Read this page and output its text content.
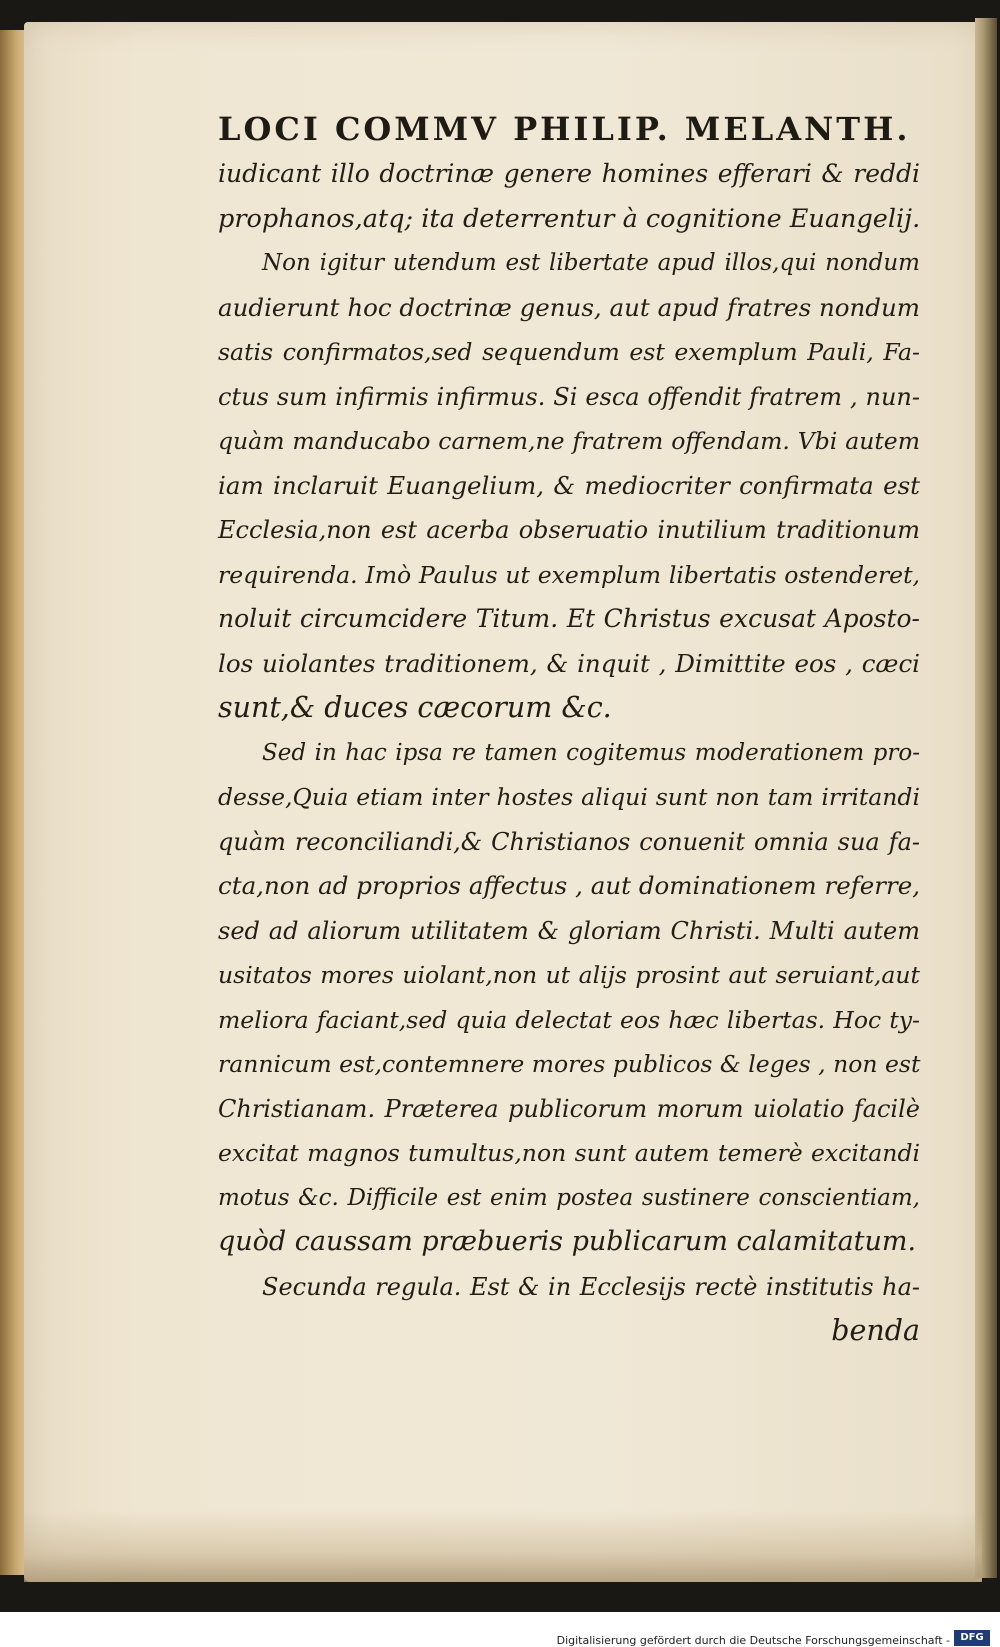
LOCI COMMV PHILIP. MELANTH.
iudicant illo doctrinæ genere homines efferari & reddi
prophanos,atq; ita deterrentur à cognitione Euangelij.
Non igitur utendum est libertate apud illos,qui nondum
audierunt hoc doctrinæ genus, aut apud fratres nondum
satis confirmatos,sed sequendum est exemplum Pauli, Fa-
ctus sum infirmis infirmus. Si esca offendit fratrem , nun-
quàm manducabo carnem,ne fratrem offendam. Vbi autem
iam inclaruit Euangelium, & mediocriter confirmata est
Ecclesia,non est acerba obseruatio inutilium traditionum
requirenda. Imò Paulus ut exemplum libertatis ostenderet,
noluit circumcidere Titum. Et Christus excusat Aposto-
los uiolantes traditionem, & inquit , Dimittite eos , cæci
sunt,& duces cæcorum &c.
Sed in hac ipsa re tamen cogitemus moderationem pro-
desse,Quia etiam inter hostes aliqui sunt non tam irritandi
quàm reconciliandi,& Christianos conuenit omnia sua fa-
cta,non ad proprios affectus , aut dominationem referre,
sed ad aliorum utilitatem & gloriam Christi. Multi autem
usitatos mores uiolant,non ut alijs prosint aut seruiant,aut
meliora faciant,sed quia delectat eos hæc libertas. Hoc ty-
rannicum est,contemnere mores publicos & leges , non est
Christianam. Præterea publicorum morum uiolatio facilè
excitat magnos tumultus,non sunt autem temerè excitandi
motus &c. Difficile est enim postea sustinere conscientiam,
quòd caussam præbueris publicarum calamitatum.
Secunda regula. Est & in Ecclesijs rectè institutis ha-
benda
Digitalisierung gefördert durch die Deutsche Forschungsgemeinschaft -	DFG
